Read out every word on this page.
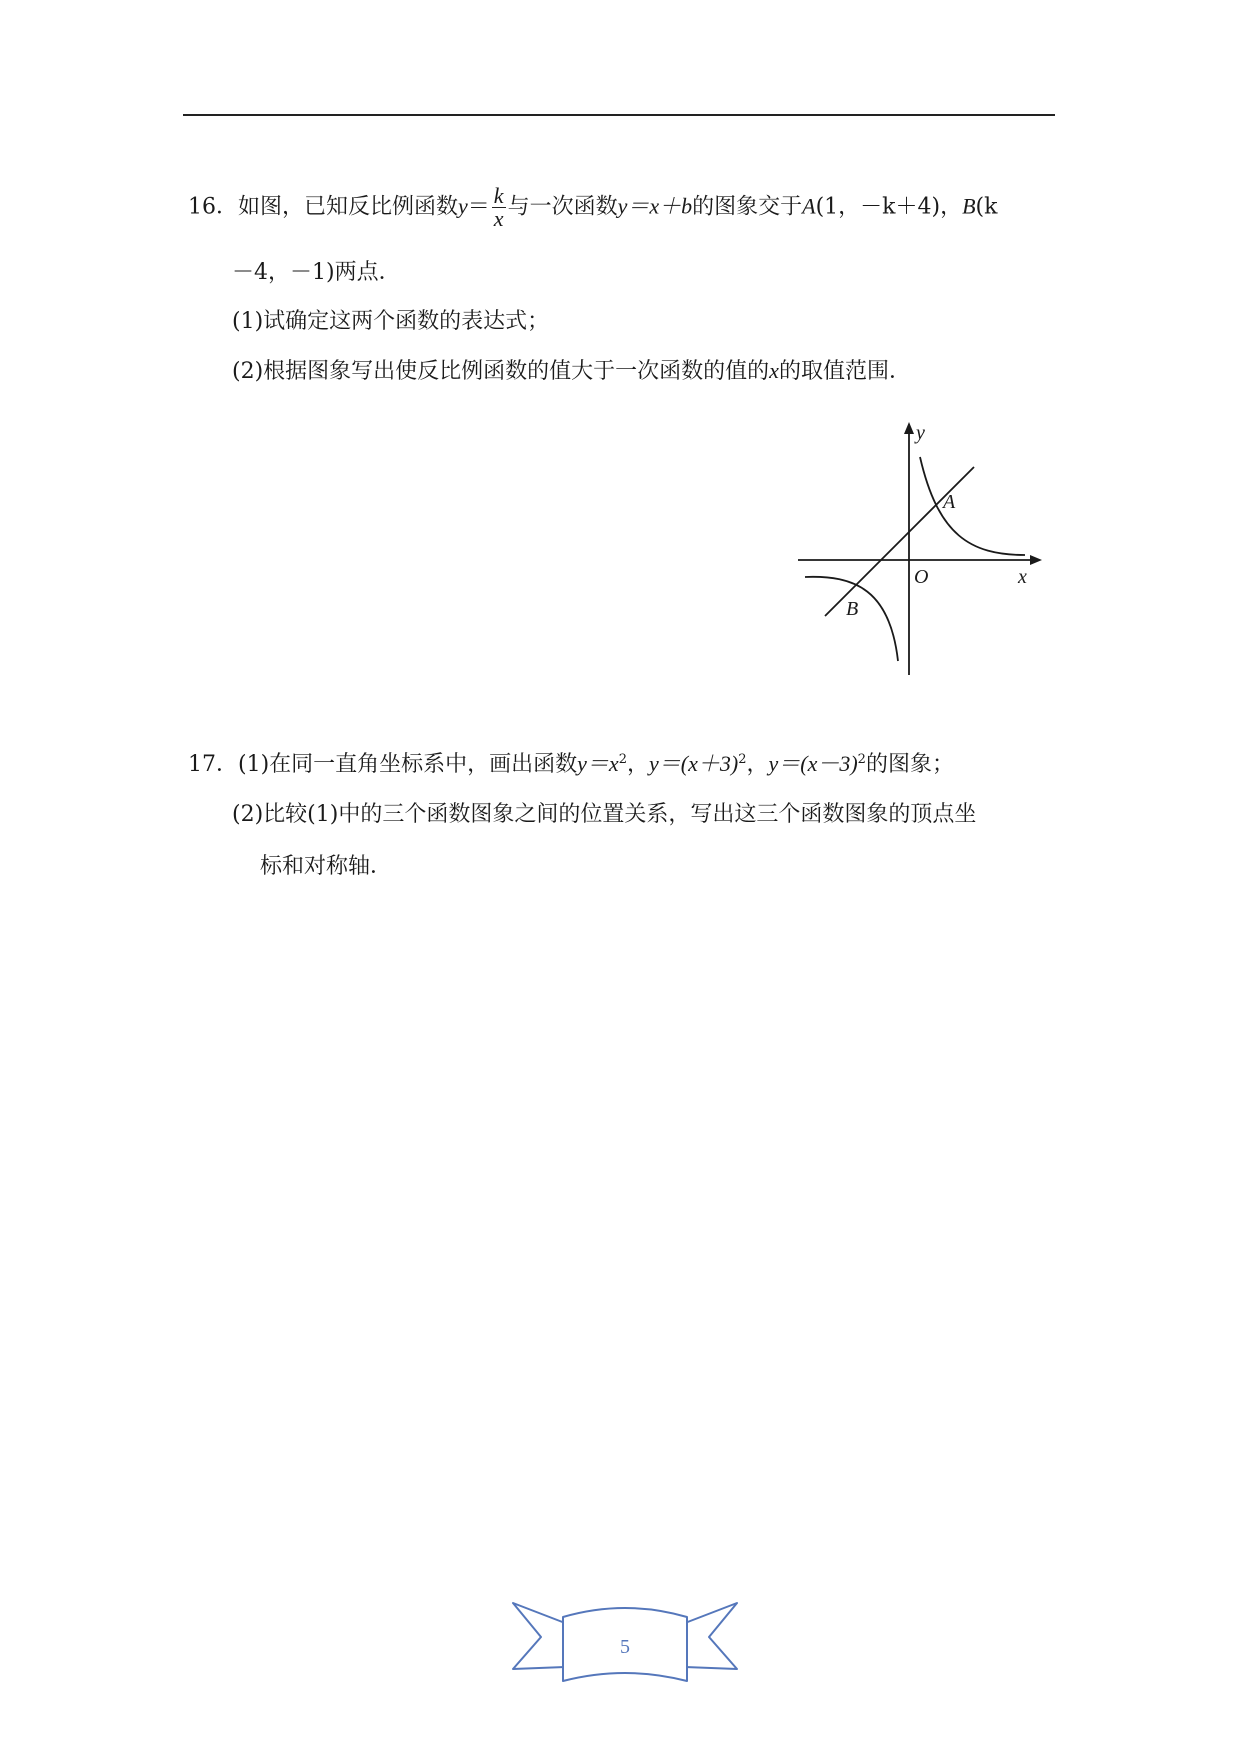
16．如图，已知反比例函数$y= \frac{k}{x}$ 与一次函数y＝x＋b的图象交于A(1，－k＋4)，B(k
－4，－1)两点．
(1)试确定这两个函数的表达式；
(2)根据图象写出使反比例函数的值大于一次函数的值的x的取值范围．
y
A
O	x
B
17．(1)在同一直角坐标系中，画出函数$y=x^2$，$y=(x+3)^2$，$y=(x-3)^2$的图象；
(2)比较(1)中的三个函数图象之间的位置关系，写出这三个函数图象的顶点坐
标和对称轴．
5
